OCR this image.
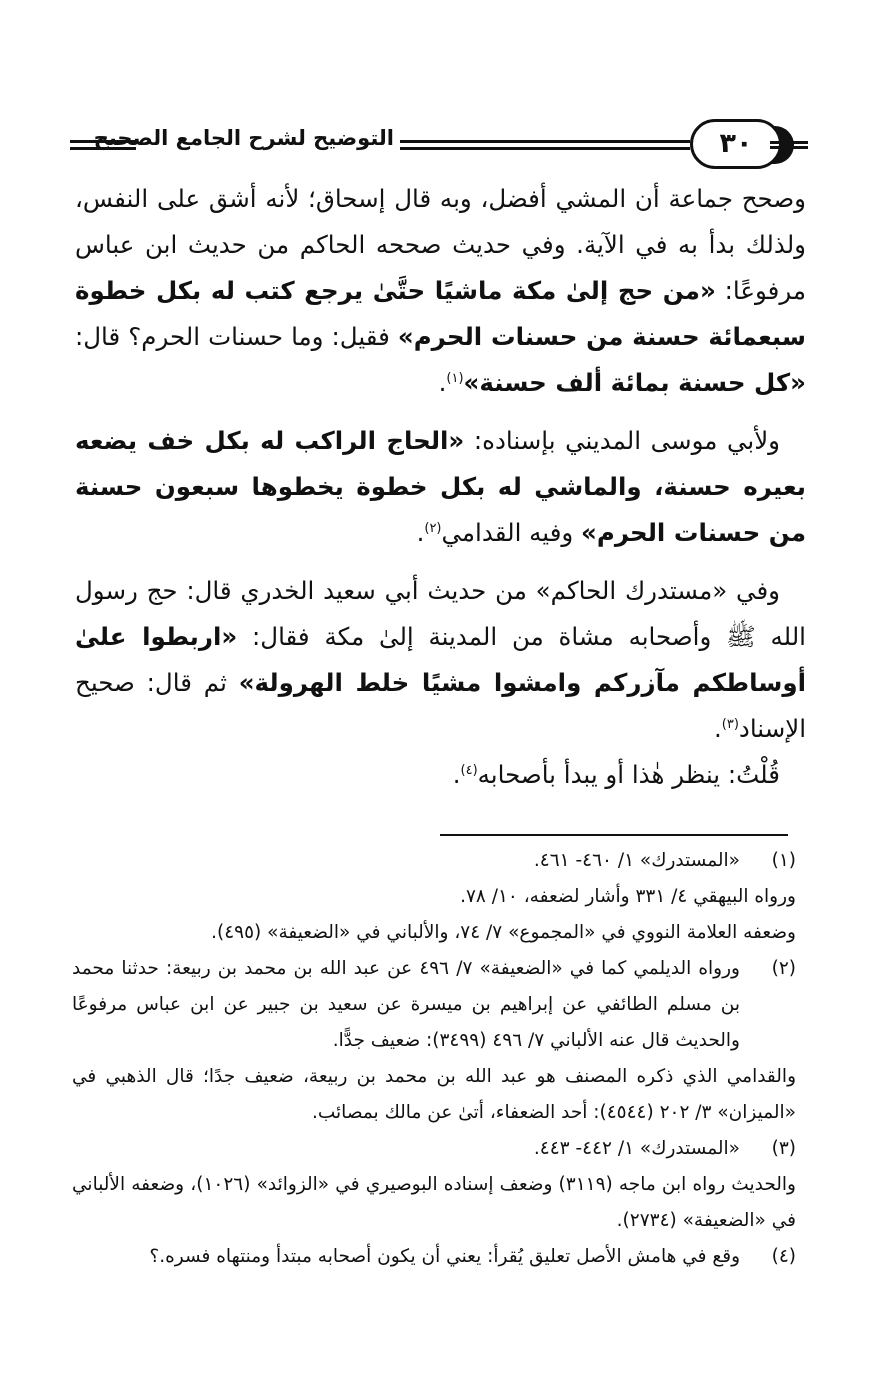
التوضيح لشرح الجامع الصحيح	٣٠

وصحح جماعة أن المشي أفضل، وبه قال إسحاق؛ لأنه أشق على النفس، ولذلك بدأ به في الآية. وفي حديث صححه الحاكم من حديث ابن عباس مرفوعًا: «من حج إلىٰ مكة ماشيًا حتَّىٰ يرجع كتب له بكل خطوة سبعمائة حسنة من حسنات الحرم» فقيل: وما حسنات الحرم؟ قال: «كل حسنة بمائة ألف حسنة»$^{(١)}$.

ولأبي موسى المديني بإسناده: «الحاج الراكب له بكل خف يضعه بعيره حسنة، والماشي له بكل خطوة يخطوها سبعون حسنة من حسنات الحرم» وفيه القدامي$^{(٢)}$.

وفي «مستدرك الحاكم» من حديث أبي سعيد الخدري قال: حج رسول الله ﷺ وأصحابه مشاة من المدينة إلىٰ مكة فقال: «اربطوا علىٰ أوساطكم مآزركم وامشوا مشيًا خلط الهرولة» ثم قال: صحيح الإسناد$^{(٣)}$.

قُلْتُ: ينظر هٰذا أو يبدأ بأصحابه$^{(٤)}$.

(١)

«المستدرك» ١/ ٤٦٠- ٤٦١.

ورواه البيهقي ٤/ ٣٣١ وأشار لضعفه، ١٠/ ٧٨.

وضعفه العلامة النووي في «المجموع» ٧/ ٧٤، والألباني في «الضعيفة» (٤٩٥).

(٢)

ورواه الديلمي كما في «الضعيفة» ٧/ ٤٩٦ عن عبد الله بن محمد بن ربيعة: حدثنا محمد بن مسلم الطائفي عن إبراهيم بن ميسرة عن سعيد بن جبير عن ابن عباس مرفوعًا والحديث قال عنه الألباني ٧/ ٤٩٦ (٣٤٩٩): ضعيف جدًّا.

والقدامي الذي ذكره المصنف هو عبد الله بن محمد بن ربيعة، ضعيف جدًا؛ قال الذهبي في «الميزان» ٣/ ٢٠٢ (٤٥٤٤): أحد الضعفاء، أتىٰ عن مالك بمصائب.

(٣)

«المستدرك» ١/ ٤٤٢- ٤٤٣.

والحديث رواه ابن ماجه (٣١١٩) وضعف إسناده البوصيري في «الزوائد» (١٠٢٦)، وضعفه الألباني في «الضعيفة» (٢٧٣٤).

(٤)

وقع في هامش الأصل تعليق يُقرأ: يعني أن يكون أصحابه مبتدأ ومنتهاه فسره.؟
